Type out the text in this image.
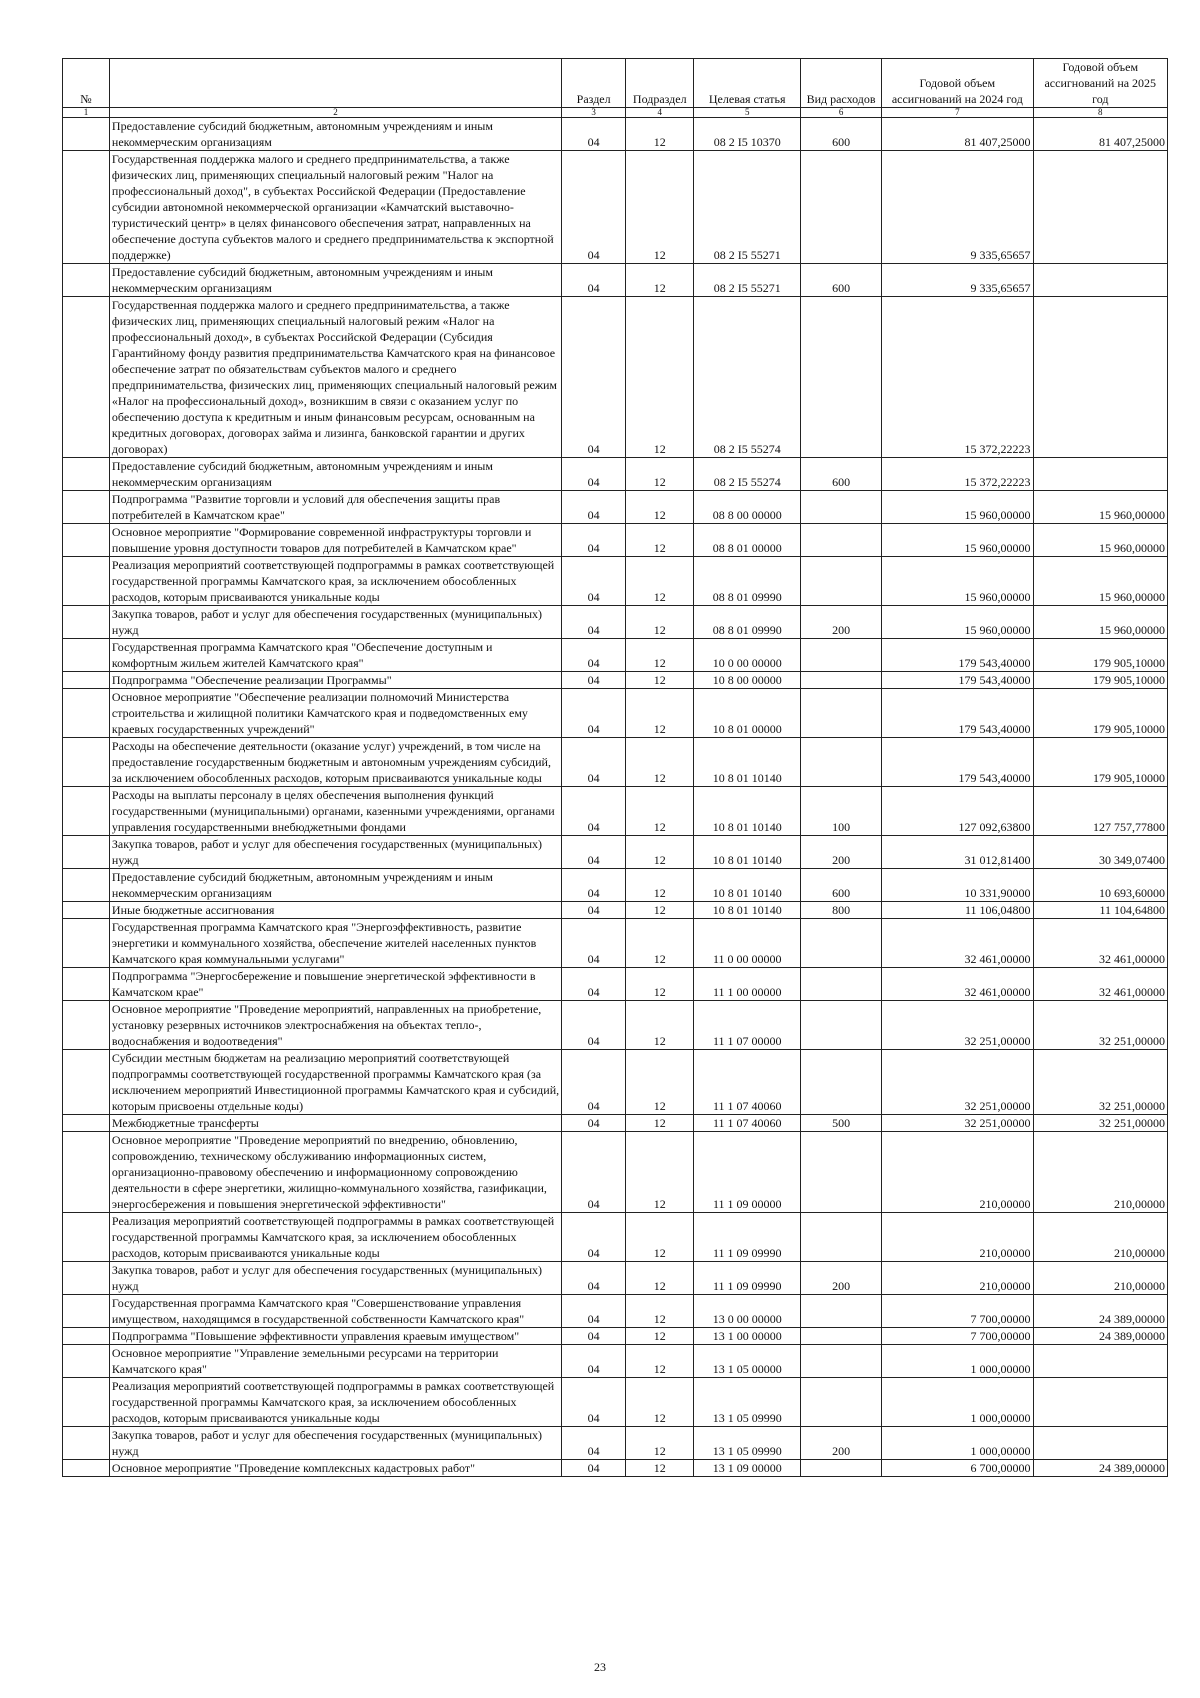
№		Раздел	Подраздел	Целевая статья	Вид расходов	Годовой объем ассигнований на 2024 год	Годовой объем ассигнований на 2025 год
1	2	3	4	5	6	7	8
	Предоставление субсидий бюджетным, автономным учреждениям и иным некоммерческим организациям	04	12	08 2 I5 10370	600	81 407,25000	81 407,25000
	Государственная поддержка малого и среднего предпринимательства, а также физических лиц, применяющих специальный налоговый режим "Налог на профессиональный доход", в субъектах Российской Федерации (Предоставление субсидии автономной некоммерческой организации «Камчатский выставочно-туристический центр» в целях финансового обеспечения затрат, направленных на обеспечение доступа субъектов малого и среднего предпринимательства к экспортной поддержке)	04	12	08 2 I5 55271		9 335,65657	
	Предоставление субсидий бюджетным, автономным учреждениям и иным некоммерческим организациям	04	12	08 2 I5 55271	600	9 335,65657	
	Государственная поддержка малого и среднего предпринимательства, а также физических лиц, применяющих специальный налоговый режим «Налог на профессиональный доход», в субъектах Российской Федерации (Субсидия Гарантийному фонду развития предпринимательства Камчатского края на финансовое обеспечение затрат по обязательствам субъектов малого и среднего предпринимательства, физических лиц, применяющих специальный налоговый режим «Налог на профессиональный доход», возникшим в связи с оказанием услуг по обеспечению доступа к кредитным и иным финансовым ресурсам, основанным на кредитных договорах, договорах займа и лизинга, банковской гарантии и других договорах)	04	12	08 2 I5 55274		15 372,22223	
	Предоставление субсидий бюджетным, автономным учреждениям и иным некоммерческим организациям	04	12	08 2 I5 55274	600	15 372,22223	
	Подпрограмма "Развитие торговли и условий для обеспечения защиты прав потребителей в Камчатском крае"	04	12	08 8 00 00000		15 960,00000	15 960,00000
	Основное мероприятие "Формирование современной инфраструктуры торговли и повышение уровня доступности товаров для потребителей в Камчатском крае"	04	12	08 8 01 00000		15 960,00000	15 960,00000
	Реализация мероприятий соответствующей подпрограммы в рамках соответствующей государственной программы Камчатского края, за исключением обособленных расходов, которым присваиваются уникальные коды	04	12	08 8 01 09990		15 960,00000	15 960,00000
	Закупка товаров, работ и услуг для обеспечения государственных (муниципальных) нужд	04	12	08 8 01 09990	200	15 960,00000	15 960,00000
	Государственная программа Камчатского края "Обеспечение доступным и комфортным жильем жителей Камчатского края"	04	12	10 0 00 00000		179 543,40000	179 905,10000
	Подпрограмма "Обеспечение реализации Программы"	04	12	10 8 00 00000		179 543,40000	179 905,10000
	Основное мероприятие "Обеспечение реализации полномочий Министерства строительства и жилищной политики Камчатского края и подведомственных ему краевых государственных учреждений"	04	12	10 8 01 00000		179 543,40000	179 905,10000
	Расходы на обеспечение деятельности (оказание услуг) учреждений, в том числе на предоставление государственным бюджетным и автономным учреждениям субсидий, за исключением обособленных расходов, которым присваиваются уникальные коды	04	12	10 8 01 10140		179 543,40000	179 905,10000
	Расходы на выплаты персоналу в целях обеспечения выполнения функций государственными (муниципальными) органами, казенными учреждениями, органами управления государственными внебюджетными фондами	04	12	10 8 01 10140	100	127 092,63800	127 757,77800
	Закупка товаров, работ и услуг для обеспечения государственных (муниципальных) нужд	04	12	10 8 01 10140	200	31 012,81400	30 349,07400
	Предоставление субсидий бюджетным, автономным учреждениям и иным некоммерческим организациям	04	12	10 8 01 10140	600	10 331,90000	10 693,60000
	Иные бюджетные ассигнования	04	12	10 8 01 10140	800	11 106,04800	11 104,64800
	Государственная программа Камчатского края "Энергоэффективность, развитие энергетики и коммунального хозяйства, обеспечение жителей населенных пунктов Камчатского края коммунальными услугами"	04	12	11 0 00 00000		32 461,00000	32 461,00000
	Подпрограмма "Энергосбережение и повышение энергетической эффективности в Камчатском крае"	04	12	11 1 00 00000		32 461,00000	32 461,00000
	Основное мероприятие "Проведение мероприятий, направленных на приобретение, установку резервных источников электроснабжения на объектах тепло-, водоснабжения и водоотведения"	04	12	11 1 07 00000		32 251,00000	32 251,00000
	Субсидии местным бюджетам на реализацию мероприятий соответствующей подпрограммы соответствующей государственной программы Камчатского края (за исключением мероприятий Инвестиционной программы Камчатского края и субсидий, которым присвоены отдельные коды)	04	12	11 1 07 40060		32 251,00000	32 251,00000
	Межбюджетные трансферты	04	12	11 1 07 40060	500	32 251,00000	32 251,00000
	Основное мероприятие "Проведение мероприятий по внедрению, обновлению, сопровождению, техническому обслуживанию информационных систем, организационно-правовому обеспечению и информационному сопровождению деятельности в сфере энергетики, жилищно-коммунального хозяйства, газификации, энергосбережения и повышения энергетической эффективности"	04	12	11 1 09 00000		210,00000	210,00000
	Реализация мероприятий соответствующей подпрограммы в рамках соответствующей государственной программы Камчатского края, за исключением обособленных расходов, которым присваиваются уникальные коды	04	12	11 1 09 09990		210,00000	210,00000
	Закупка товаров, работ и услуг для обеспечения государственных (муниципальных) нужд	04	12	11 1 09 09990	200	210,00000	210,00000
	Государственная программа Камчатского края "Совершенствование управления имуществом, находящимся в государственной собственности Камчатского края"	04	12	13 0 00 00000		7 700,00000	24 389,00000
	Подпрограмма "Повышение эффективности управления краевым имуществом"	04	12	13 1 00 00000		7 700,00000	24 389,00000
	Основное мероприятие "Управление земельными ресурсами на территории Камчатского края"	04	12	13 1 05 00000		1 000,00000	
	Реализация мероприятий соответствующей подпрограммы в рамках соответствующей государственной программы Камчатского края, за исключением обособленных расходов, которым присваиваются уникальные коды	04	12	13 1 05 09990		1 000,00000	
	Закупка товаров, работ и услуг для обеспечения государственных (муниципальных) нужд	04	12	13 1 05 09990	200	1 000,00000	
	Основное мероприятие "Проведение комплексных кадастровых работ"	04	12	13 1 09 00000		6 700,00000	24 389,00000
23
